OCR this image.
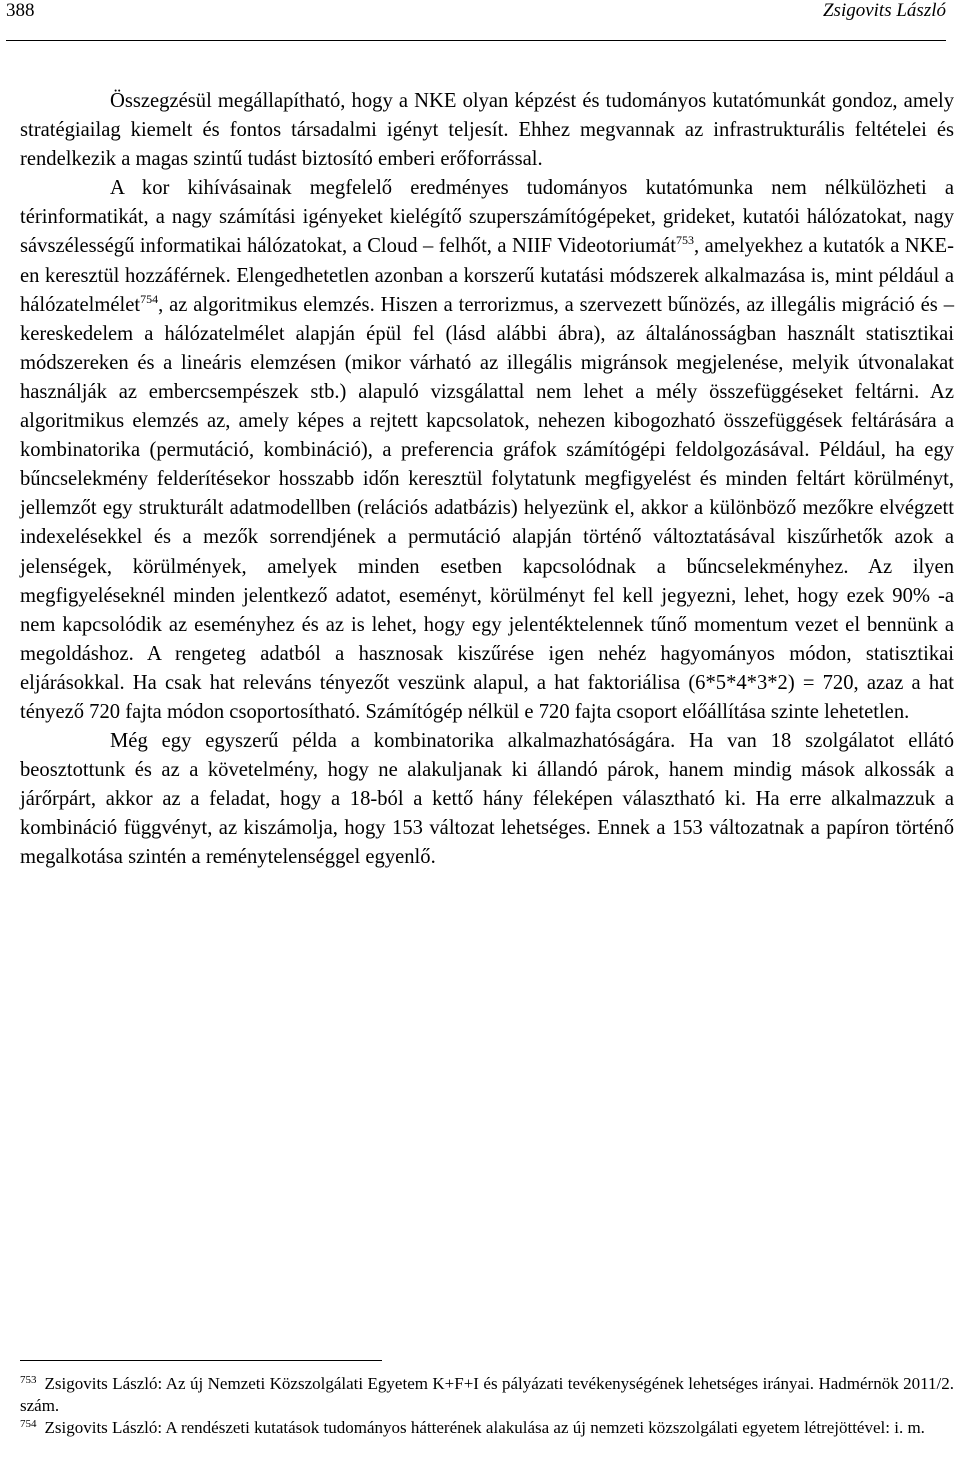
388	Zsigovits László

Összegzésül megállapítható, hogy a NKE olyan képzést és tudományos kutatómunkát gondoz, amely stratégiailag kiemelt és fontos társadalmi igényt teljesít. Ehhez megvannak az infrastrukturális feltételei és rendelkezik a magas szintű tudást biztosító emberi erőforrással.

A kor kihívásainak megfelelő eredményes tudományos kutatómunka nem nélkülözheti a térinformatikát, a nagy számítási igényeket kielégítő szuperszámítógépeket, grideket, kutatói hálózatokat, nagy sávszélességű informatikai hálózatokat, a Cloud – felhőt, a NIIF Videotoriumát$^{753}$, amelyekhez a kutatók a NKE-en keresztül hozzáférnek. Elengedhetetlen azonban a korszerű kutatási módszerek alkalmazása is, mint például a hálózatelmélet$^{754}$, az algoritmikus elemzés. Hiszen a terrorizmus, a szervezett bűnözés, az illegális migráció és –kereskedelem a hálózatelmélet alapján épül fel (lásd alábbi ábra), az általánosságban használt statisztikai módszereken és a lineáris elemzésen (mikor várható az illegális migránsok megjelenése, melyik útvonalakat használják az embercsempészek stb.) alapuló vizsgálattal nem lehet a mély összefüggéseket feltárni. Az algoritmikus elemzés az, amely képes a rejtett kapcsolatok, nehezen kibogozható összefüggések feltárására a kombinatorika (permutáció, kombináció), a preferencia gráfok számítógépi feldolgozásával. Például, ha egy bűncselekmény felderítésekor hosszabb időn keresztül folytatunk megfigyelést és minden feltárt körülményt, jellemzőt egy strukturált adatmodellben (relációs adatbázis) helyezünk el, akkor a különböző mezőkre elvégzett indexelésekkel és a mezők sorrendjének a permutáció alapján történő változtatásával kiszűrhetők azok a jelenségek, körülmények, amelyek minden esetben kapcsolódnak a bűncselekményhez. Az ilyen megfigyeléseknél minden jelentkező adatot, eseményt, körülményt fel kell jegyezni, lehet, hogy ezek 90% -a nem kapcsolódik az eseményhez és az is lehet, hogy egy jelentéktelennek tűnő momentum vezet el bennünk a megoldáshoz. A rengeteg adatból a hasznosak kiszűrése igen nehéz hagyományos módon, statisztikai eljárásokkal. Ha csak hat releváns tényezőt veszünk alapul, a hat faktoriálisa (6*5*4*3*2) = 720, azaz a hat tényező 720 fajta módon csoportosítható. Számítógép nélkül e 720 fajta csoport előállítása szinte lehetetlen.

Még egy egyszerű példa a kombinatorika alkalmazhatóságára. Ha van 18 szolgálatot ellátó beosztottunk és az a követelmény, hogy ne alakuljanak ki állandó párok, hanem mindig mások alkossák a járőrpárt, akkor az a feladat, hogy a 18-ból a kettő hány féleképen választható ki. Ha erre alkalmazzuk a kombináció függvényt, az kiszámolja, hogy 153 változat lehetséges. Ennek a 153 változatnak a papíron történő megalkotása szintén a reménytelenséggel egyenlő.

$^{753}$ Zsigovits László: Az új Nemzeti Közszolgálati Egyetem K+F+I és pályázati tevékenységének lehetséges irányai. Hadmérnök 2011/2. szám.

$^{754}$ Zsigovits László: A rendészeti kutatások tudományos hátterének alakulása az új nemzeti közszolgálati egyetem létrejöttével: i. m.
